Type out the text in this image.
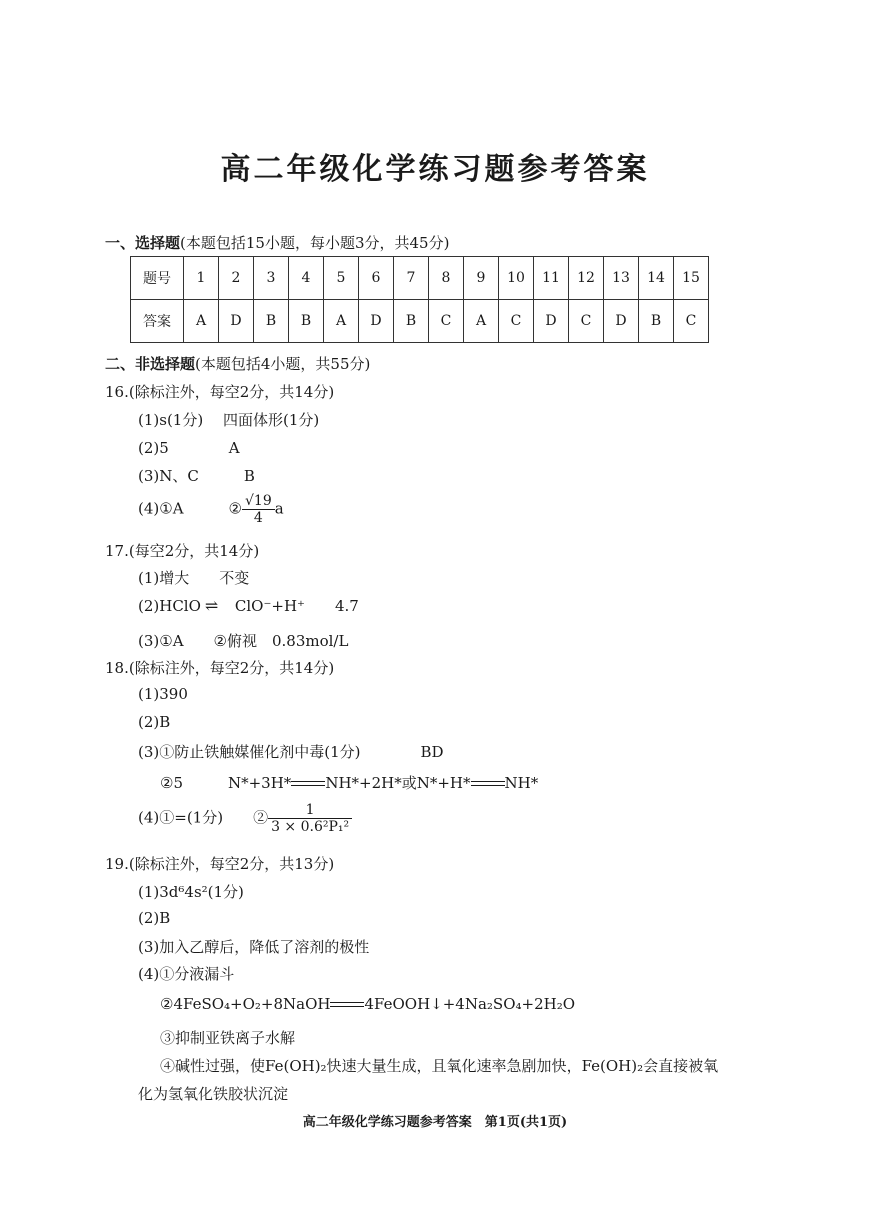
高二年级化学练习题参考答案
一、选择题(本题包括15小题，每小题3分，共45分)
题号	1	2	3	4	5	6	7	8	9	10	11	12	13	14	15
答案	A	D	B	B	A	D	B	C	A	C	D	C	D	B	C
二、非选择题(本题包括4小题，共55分)
16.(除标注外，每空2分，共14分)
(1)s(1分)　 四面体形(1分)
(2)5　　　　A
(3)N、C　　　B
(4)①A　　　② $\frac{√19}{4}$ a
17.(每空2分，共14分)
(1)增大　　不变
(2)HClO ⇌ ClO⁻+H⁺　　4.7
(3)①A　　②俯视　0.83mol/L
18.(除标注外，每空2分，共14分)
(1)390
(2)B
(3)①防止铁触媒催化剂中毒(1分)　　　　BD
②5　　　N*+3H* NH*+2H*或N*+H* NH*
(4)①=(1分)　　② $\frac{1}{\text{3 × 0.6²P₁²}}$
19.(除标注外，每空2分，共13分)
(1)3d⁶4s²(1分)
(2)B
(3)加入乙醇后，降低了溶剂的极性
(4)①分液漏斗
②4FeSO₄+O₂+8NaOH 4FeOOH↓+4Na₂SO₄+2H₂O
③抑制亚铁离子水解
④碱性过强，使Fe(OH)₂快速大量生成，且氧化速率急剧加快，Fe(OH)₂会直接被氧
化为氢氧化铁胶状沉淀
高二年级化学练习题参考答案　第1页(共1页)
